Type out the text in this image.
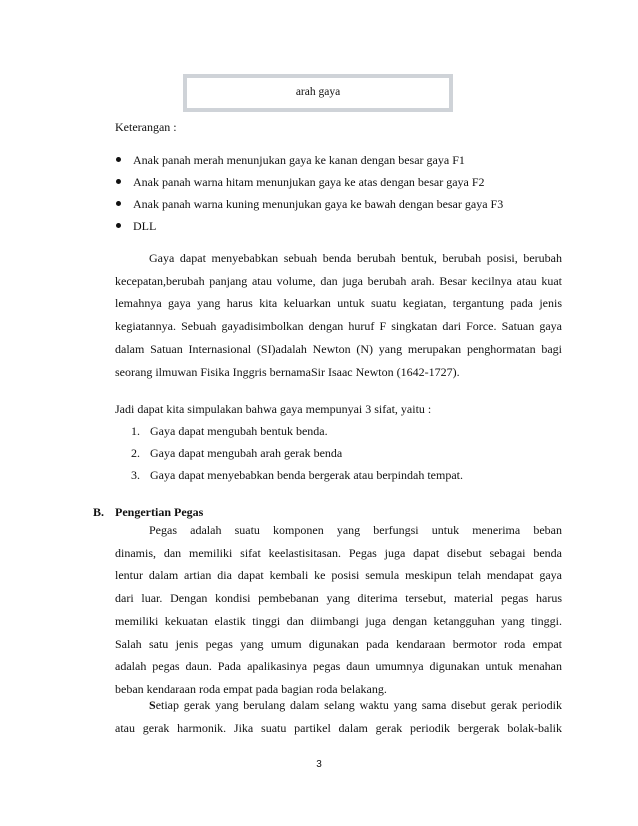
arah gaya
Keterangan :
Anak panah merah menunjukan gaya ke kanan dengan besar gaya F1
Anak panah warna hitam menunjukan gaya ke atas dengan besar gaya F2
Anak panah warna kuning menunjukan gaya ke bawah dengan besar gaya F3
DLL

Gaya dapat menyebabkan sebuah benda berubah bentuk, berubah posisi, berubah
kecepatan,berubah panjang atau volume, dan juga berubah arah. Besar kecilnya atau kuat
lemahnya gaya yang harus kita keluarkan untuk suatu kegiatan, tergantung pada jenis
kegiatannya. Sebuah gayadisimbolkan dengan huruf F singkatan dari Force. Satuan gaya
dalam Satuan Internasional (SI)adalah Newton (N) yang merupakan penghormatan bagi
seorang ilmuwan Fisika Inggris bernamaSir Isaac Newton (1642-1727).

Jadi dapat kita simpulakan bahwa gaya mempunyai 3 sifat, yaitu :

1. Gaya dapat mengubah bentuk benda.
2. Gaya dapat mengubah arah gerak benda
3. Gaya dapat menyebabkan benda bergerak atau berpindah tempat.
B. Pengertian Pegas

Pegas adalah suatu komponen yang berfungsi untuk menerima beban
dinamis, dan memiliki sifat keelastisitasan. Pegas juga dapat disebut sebagai benda
lentur dalam artian dia dapat kembali ke posisi semula meskipun telah mendapat gaya
dari luar. Dengan kondisi pembebanan yang diterima tersebut, material pegas harus
memiliki kekuatan elastik tinggi dan diimbangi juga dengan ketangguhan yang tinggi.
Salah satu jenis pegas yang umum digunakan pada kendaraan bermotor roda empat
adalah pegas daun. Pada apalikasinya pegas daun umumnya digunakan untuk menahan
beban kendaraan roda empat pada bagian roda belakang.

Setiap gerak yang berulang dalam selang waktu yang sama disebut gerak periodik
atau gerak harmonik. Jika suatu partikel dalam gerak periodik bergerak bolak-balik

3
